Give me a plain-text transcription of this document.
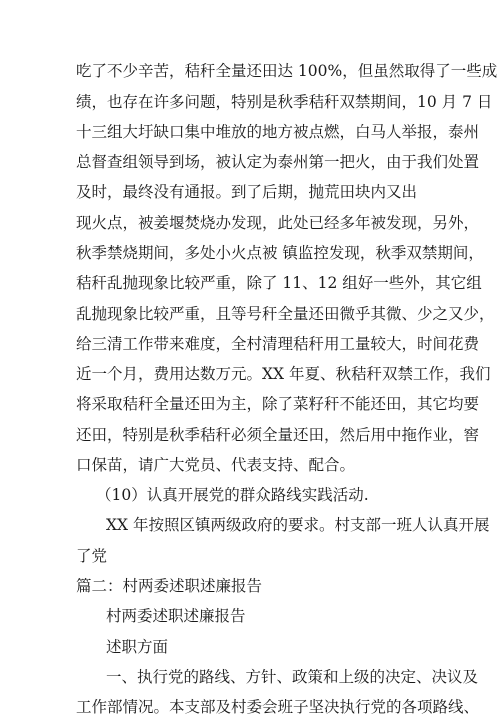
吃了不少辛苦，秸秆全量还田达 100%，但虽然取得了一些成
绩，也存在许多问题，特别是秋季秸秆双禁期间，10 月 7 日
十三组大圩缺口集中堆放的地方被点燃，白马人举报，泰州
总督查组领导到场，被认定为泰州第一把火，由于我们处置
及时，最终没有通报。到了后期，抛荒田块内又出
现火点，被姜堰焚烧办发现，此处已经多年被发现，另外，
秋季禁烧期间，多处小火点被 镇监控发现，秋季双禁期间，
秸秆乱抛现象比较严重，除了 11、12 组好一些外，其它组
乱抛现象比较严重，且等号秆全量还田微乎其微、少之又少，
给三清工作带来难度，全村清理秸秆用工量较大，时间花费
近一个月，费用达数万元。XX 年夏、秋秸秆双禁工作，我们
将采取秸秆全量还田为主，除了菜籽秆不能还田，其它均要
还田，特别是秋季秸秆必须全量还田，然后用中拖作业，窖
口保苗，请广大党员、代表支持、配合。
（10）认真开展党的群众路线实践活动.
XX 年按照区镇两级政府的要求。村支部一班人认真开展
了党
篇二：村两委述职述廉报告
村两委述职述廉报告
述职方面
一、执行党的路线、方针、政策和上级的决定、决议及
工作部情况。本支部及村委会班子坚决执行党的各项路线、
